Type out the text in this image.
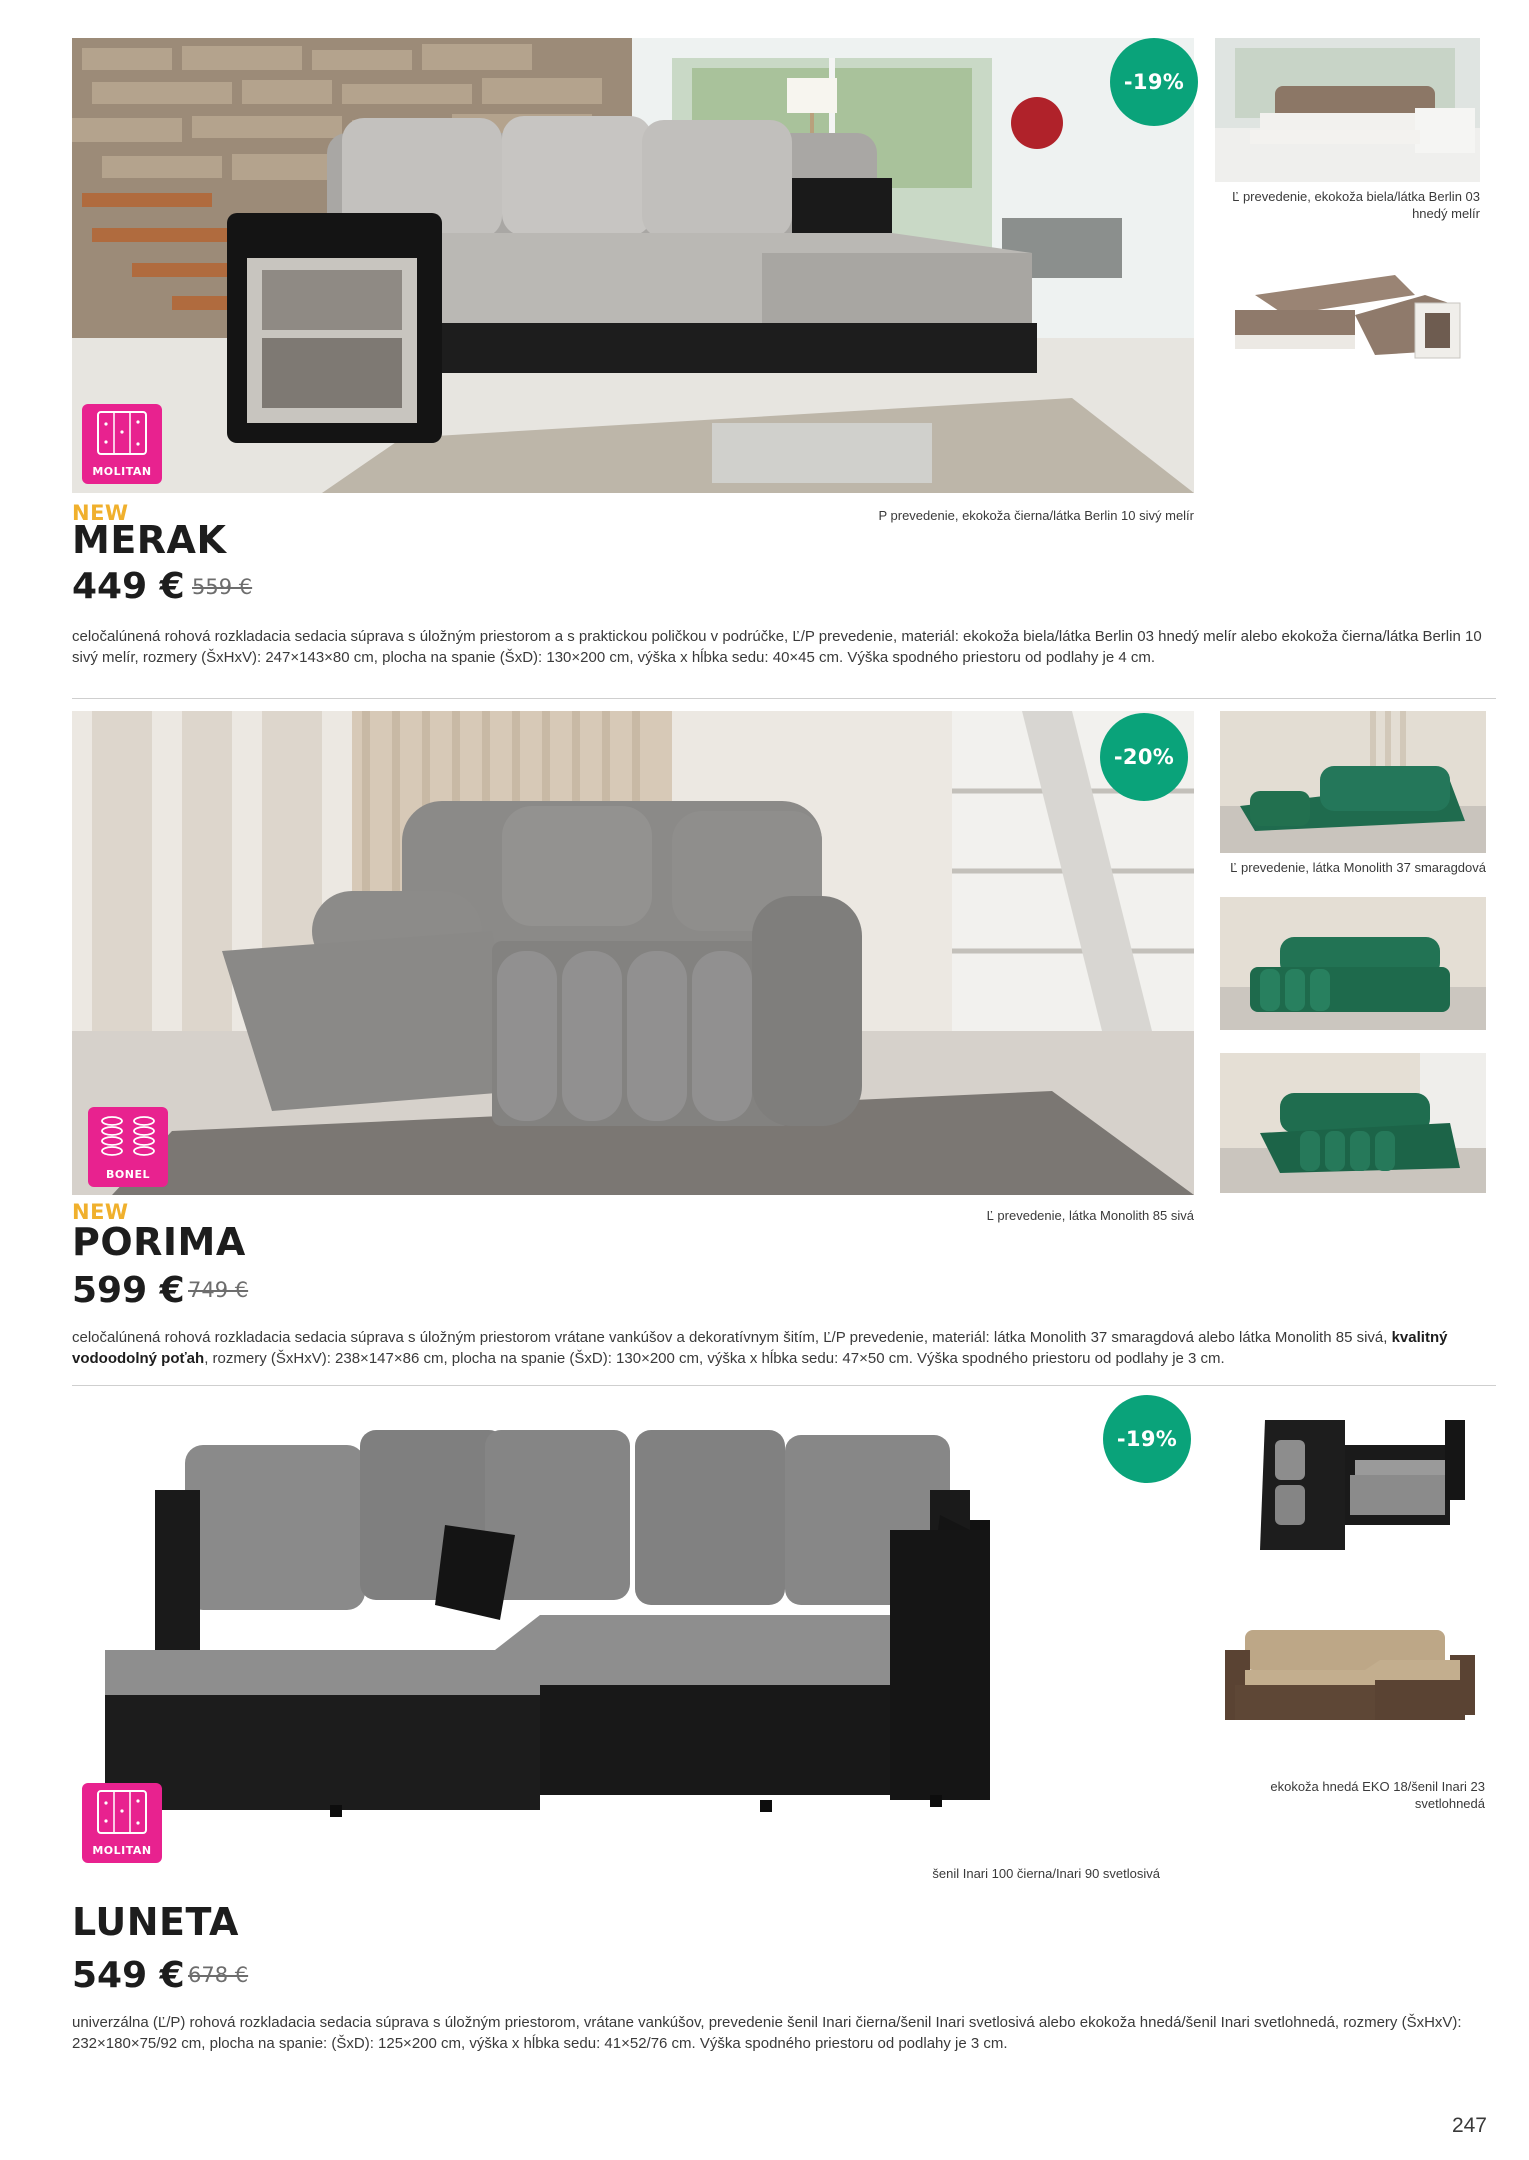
-19%
MOLITAN
Ľ prevedenie, ekokoža biela/látka Berlin 03 hnedý melír
P prevedenie, ekokoža čierna/látka Berlin 10 sivý melír
NEW
MERAK
449 € 559 €
celočalúnená rohová rozkladacia sedacia súprava s úložným priestorom a s praktickou poličkou v podrúčke, Ľ/P prevedenie, materiál: ekokoža biela/látka Berlin 03 hnedý melír alebo ekokoža čierna/látka Berlin 10 sivý melír, rozmery (ŠxHxV): 247×143×80 cm, plocha na spanie (ŠxD): 130×200 cm, výška x hĺbka sedu: 40×45 cm. Výška spodného priestoru od podlahy je 4 cm.
-20%
BONEL
Ľ prevedenie, látka Monolith 37 smaragdová
Ľ prevedenie, látka Monolith 85 sivá
NEW
PORIMA
599 € 749 €
celočalúnená rohová rozkladacia sedacia súprava s úložným priestorom vrátane vankúšov a dekoratívnym šitím, Ľ/P prevedenie, materiál: látka Monolith 37 smaragdová alebo látka Monolith 85 sivá, kvalitný vodoodolný poťah, rozmery (ŠxHxV): 238×147×86 cm, plocha na spanie (ŠxD): 130×200 cm, výška x hĺbka sedu: 47×50 cm. Výška spodného priestoru od podlahy je 3 cm.
-19%
MOLITAN
ekokoža hnedá EKO 18/šenil Inari 23 svetlohnedá
šenil Inari 100 čierna/Inari 90 svetlosivá
LUNETA
549 € 678 €
univerzálna (Ľ/P) rohová rozkladacia sedacia súprava s úložným priestorom, vrátane vankúšov, prevedenie šenil Inari čierna/šenil Inari svetlosivá alebo ekokoža hnedá/šenil Inari svetlohnedá, rozmery (ŠxHxV): 232×180×75/92 cm, plocha na spanie: (ŠxD): 125×200 cm, výška x hĺbka sedu: 41×52/76 cm. Výška spodného priestoru od podlahy je 3 cm.
247
